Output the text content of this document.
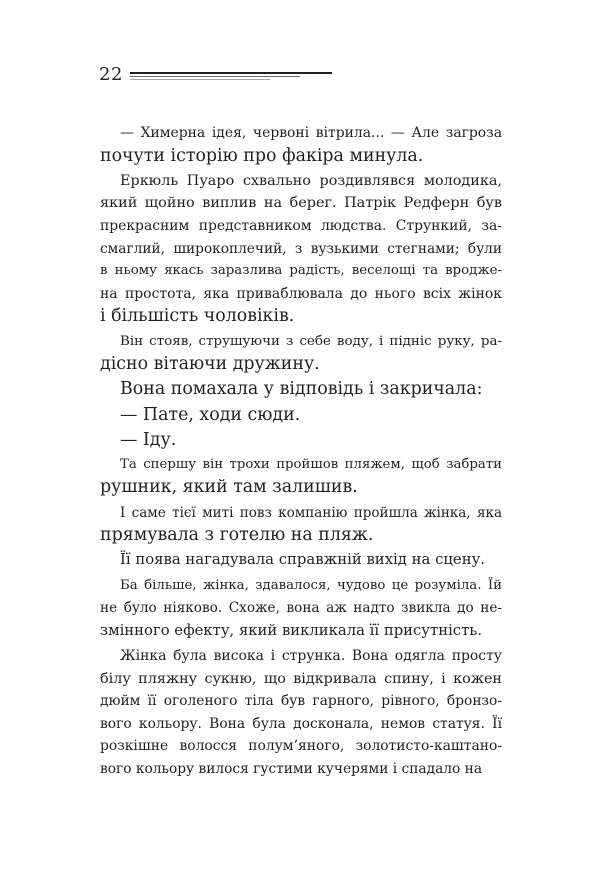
22
— Химерна ідея, червоні вітрила... — Але загроза
почути історію про факіра минула.
Еркюль Пуаро схвально роздивлявся молодика,
який щойно виплив на берег. Патрік Редферн був
прекрасним представником людства. Стрункий, за-
смаглий, широкоплечий, з вузькими стегнами; були
в ньому якась заразлива радість, веселощі та вродже-
на простота, яка приваблювала до нього всіх жінок
і більшість чоловіків.
Він стояв, струшуючи з себе воду, і підніс руку, ра-
дісно вітаючи дружину.
Вона помахала у відповідь і закричала:
— Пате, ходи сюди.
— Іду.
Та спершу він трохи пройшов пляжем, щоб забрати
рушник, який там залишив.
І саме тієї миті повз компанію пройшла жінка, яка
прямувала з готелю на пляж.
Її поява нагадувала справжній вихід на сцену.
Ба більше, жінка, здавалося, чудово це розуміла. Їй
не було ніяково. Схоже, вона аж надто звикла до не-
змінного ефекту, який викликала її присутність.
Жінка була висока і струнка. Вона одягла просту
білу пляжну сукню, що відкривала спину, і кожен
дюйм її оголеного тіла був гарного, рівного, бронзо-
вого кольору. Вона була досконала, немов статуя. Її
розкішне волосся полум’яного, золотисто-каштано-
вого кольору вилося густими кучерями і спадало на
